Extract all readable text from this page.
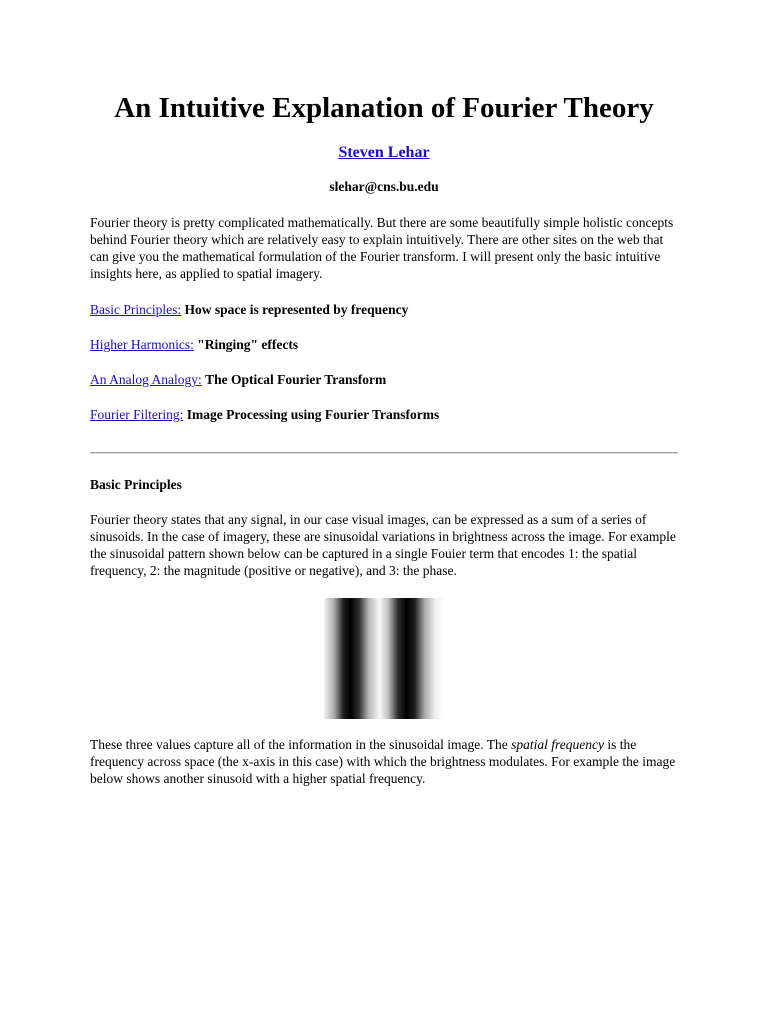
An Intuitive Explanation of Fourier Theory
Steven Lehar
slehar@cns.bu.edu

Fourier theory is pretty complicated mathematically. But there are some beautifully simple holistic concepts behind Fourier theory which are relatively easy to explain intuitively. There are other sites on the web that can give you the mathematical formulation of the Fourier transform. I will present only the basic intuitive insights here, as applied to spatial imagery.

Basic Principles: How space is represented by frequency
Higher Harmonics: "Ringing" effects
An Analog Analogy: The Optical Fourier Transform
Fourier Filtering: Image Processing using Fourier Transforms
Basic Principles

Fourier theory states that any signal, in our case visual images, can be expressed as a sum of a series of sinusoids. In the case of imagery, these are sinusoidal variations in brightness across the image. For example the sinusoidal pattern shown below can be captured in a single Fouier term that encodes 1: the spatial frequency, 2: the magnitude (positive or negative), and 3: the phase.

These three values capture all of the information in the sinusoidal image. The spatial frequency is the frequency across space (the x-axis in this case) with which the brightness modulates. For example the image below shows another sinusoid with a higher spatial frequency.
